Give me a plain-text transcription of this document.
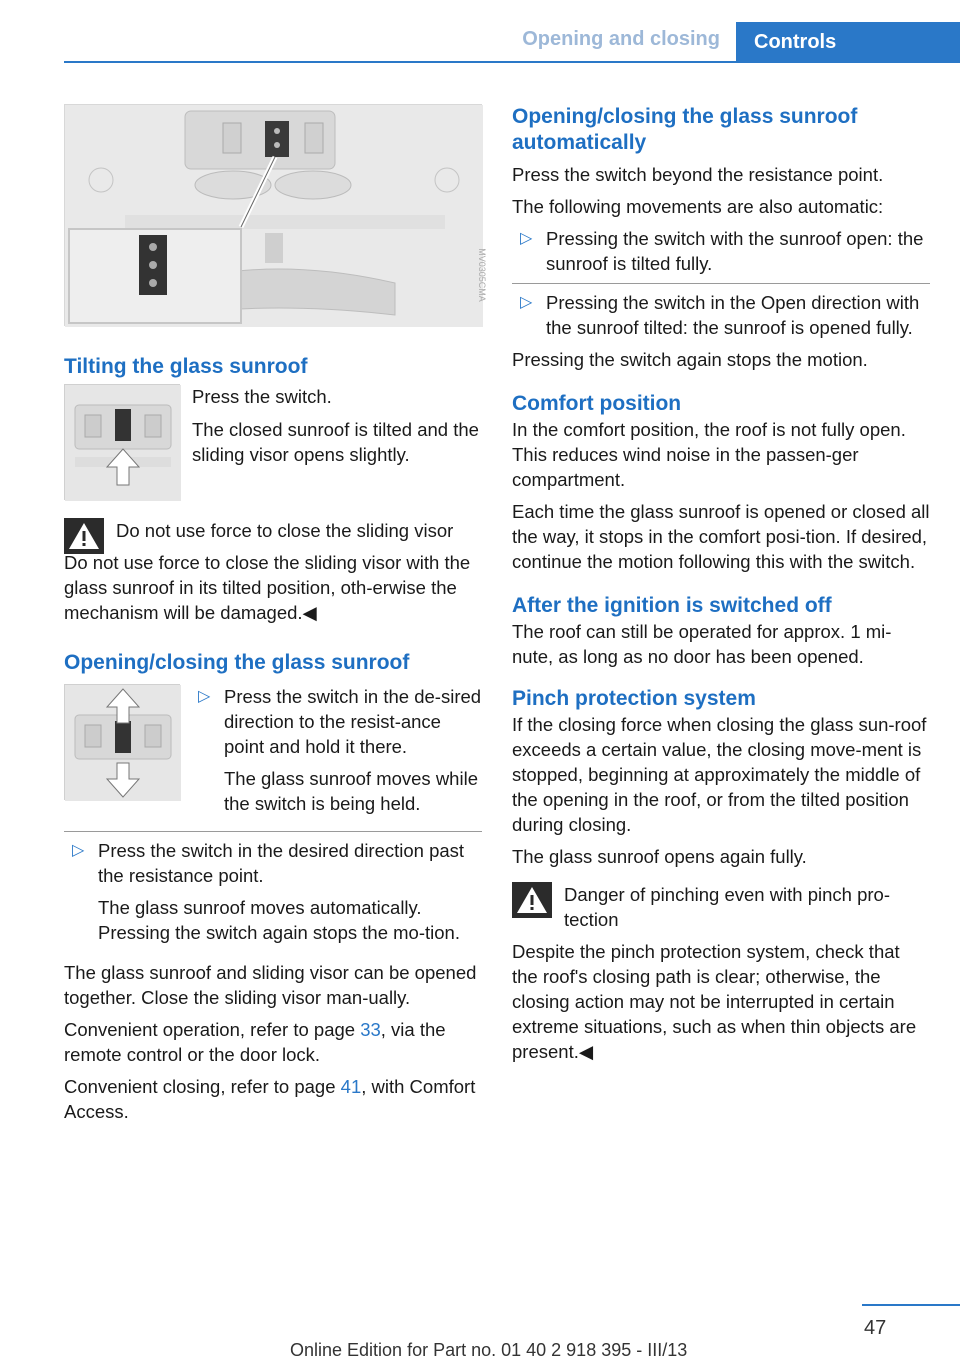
Opening and closing	Controls
MV0305CMA
Tilting the glass sunroof

Press the switch.

The closed sunroof is tilted and the sliding visor opens slightly.

Do not use force to close the sliding visor

Do not use force to close the sliding visor with the glass sunroof in its tilted position, oth-erwise the mechanism will be damaged.◀

Opening/closing the glass sunroof
▷ Press the switch in the de-sired direction to the resist-ance point and hold it there.

The glass sunroof moves while the switch is being held.

▷ Press the switch in the desired direction past the resistance point.

The glass sunroof moves automatically. Pressing the switch again stops the mo-tion.

The glass sunroof and sliding visor can be opened together. Close the sliding visor man-ually.

Convenient operation, refer to page 33, via the remote control or the door lock.

Convenient closing, refer to page 41, with Comfort Access.

Opening/closing the glass sunroof automatically

Press the switch beyond the resistance point.

The following movements are also automatic:

▷ Pressing the switch with the sunroof open: the sunroof is tilted fully.
▷ Pressing the switch in the Open direction with the sunroof tilted: the sunroof is opened fully.

Pressing the switch again stops the motion.

Comfort position

In the comfort position, the roof is not fully open. This reduces wind noise in the passen-ger compartment.

Each time the glass sunroof is opened or closed all the way, it stops in the comfort posi-tion. If desired, continue the motion following this with the switch.

After the ignition is switched off

The roof can still be operated for approx. 1 mi-nute, as long as no door has been opened.

Pinch protection system

If the closing force when closing the glass sun-roof exceeds a certain value, the closing move-ment is stopped, beginning at approximately the middle of the opening in the roof, or from the tilted position during closing.

The glass sunroof opens again fully.

Danger of pinching even with pinch pro-tection

Despite the pinch protection system, check that the roof's closing path is clear; otherwise, the closing action may not be interrupted in certain extreme situations, such as when thin objects are present.◀

47
Online Edition for Part no. 01 40 2 918 395 - III/13
